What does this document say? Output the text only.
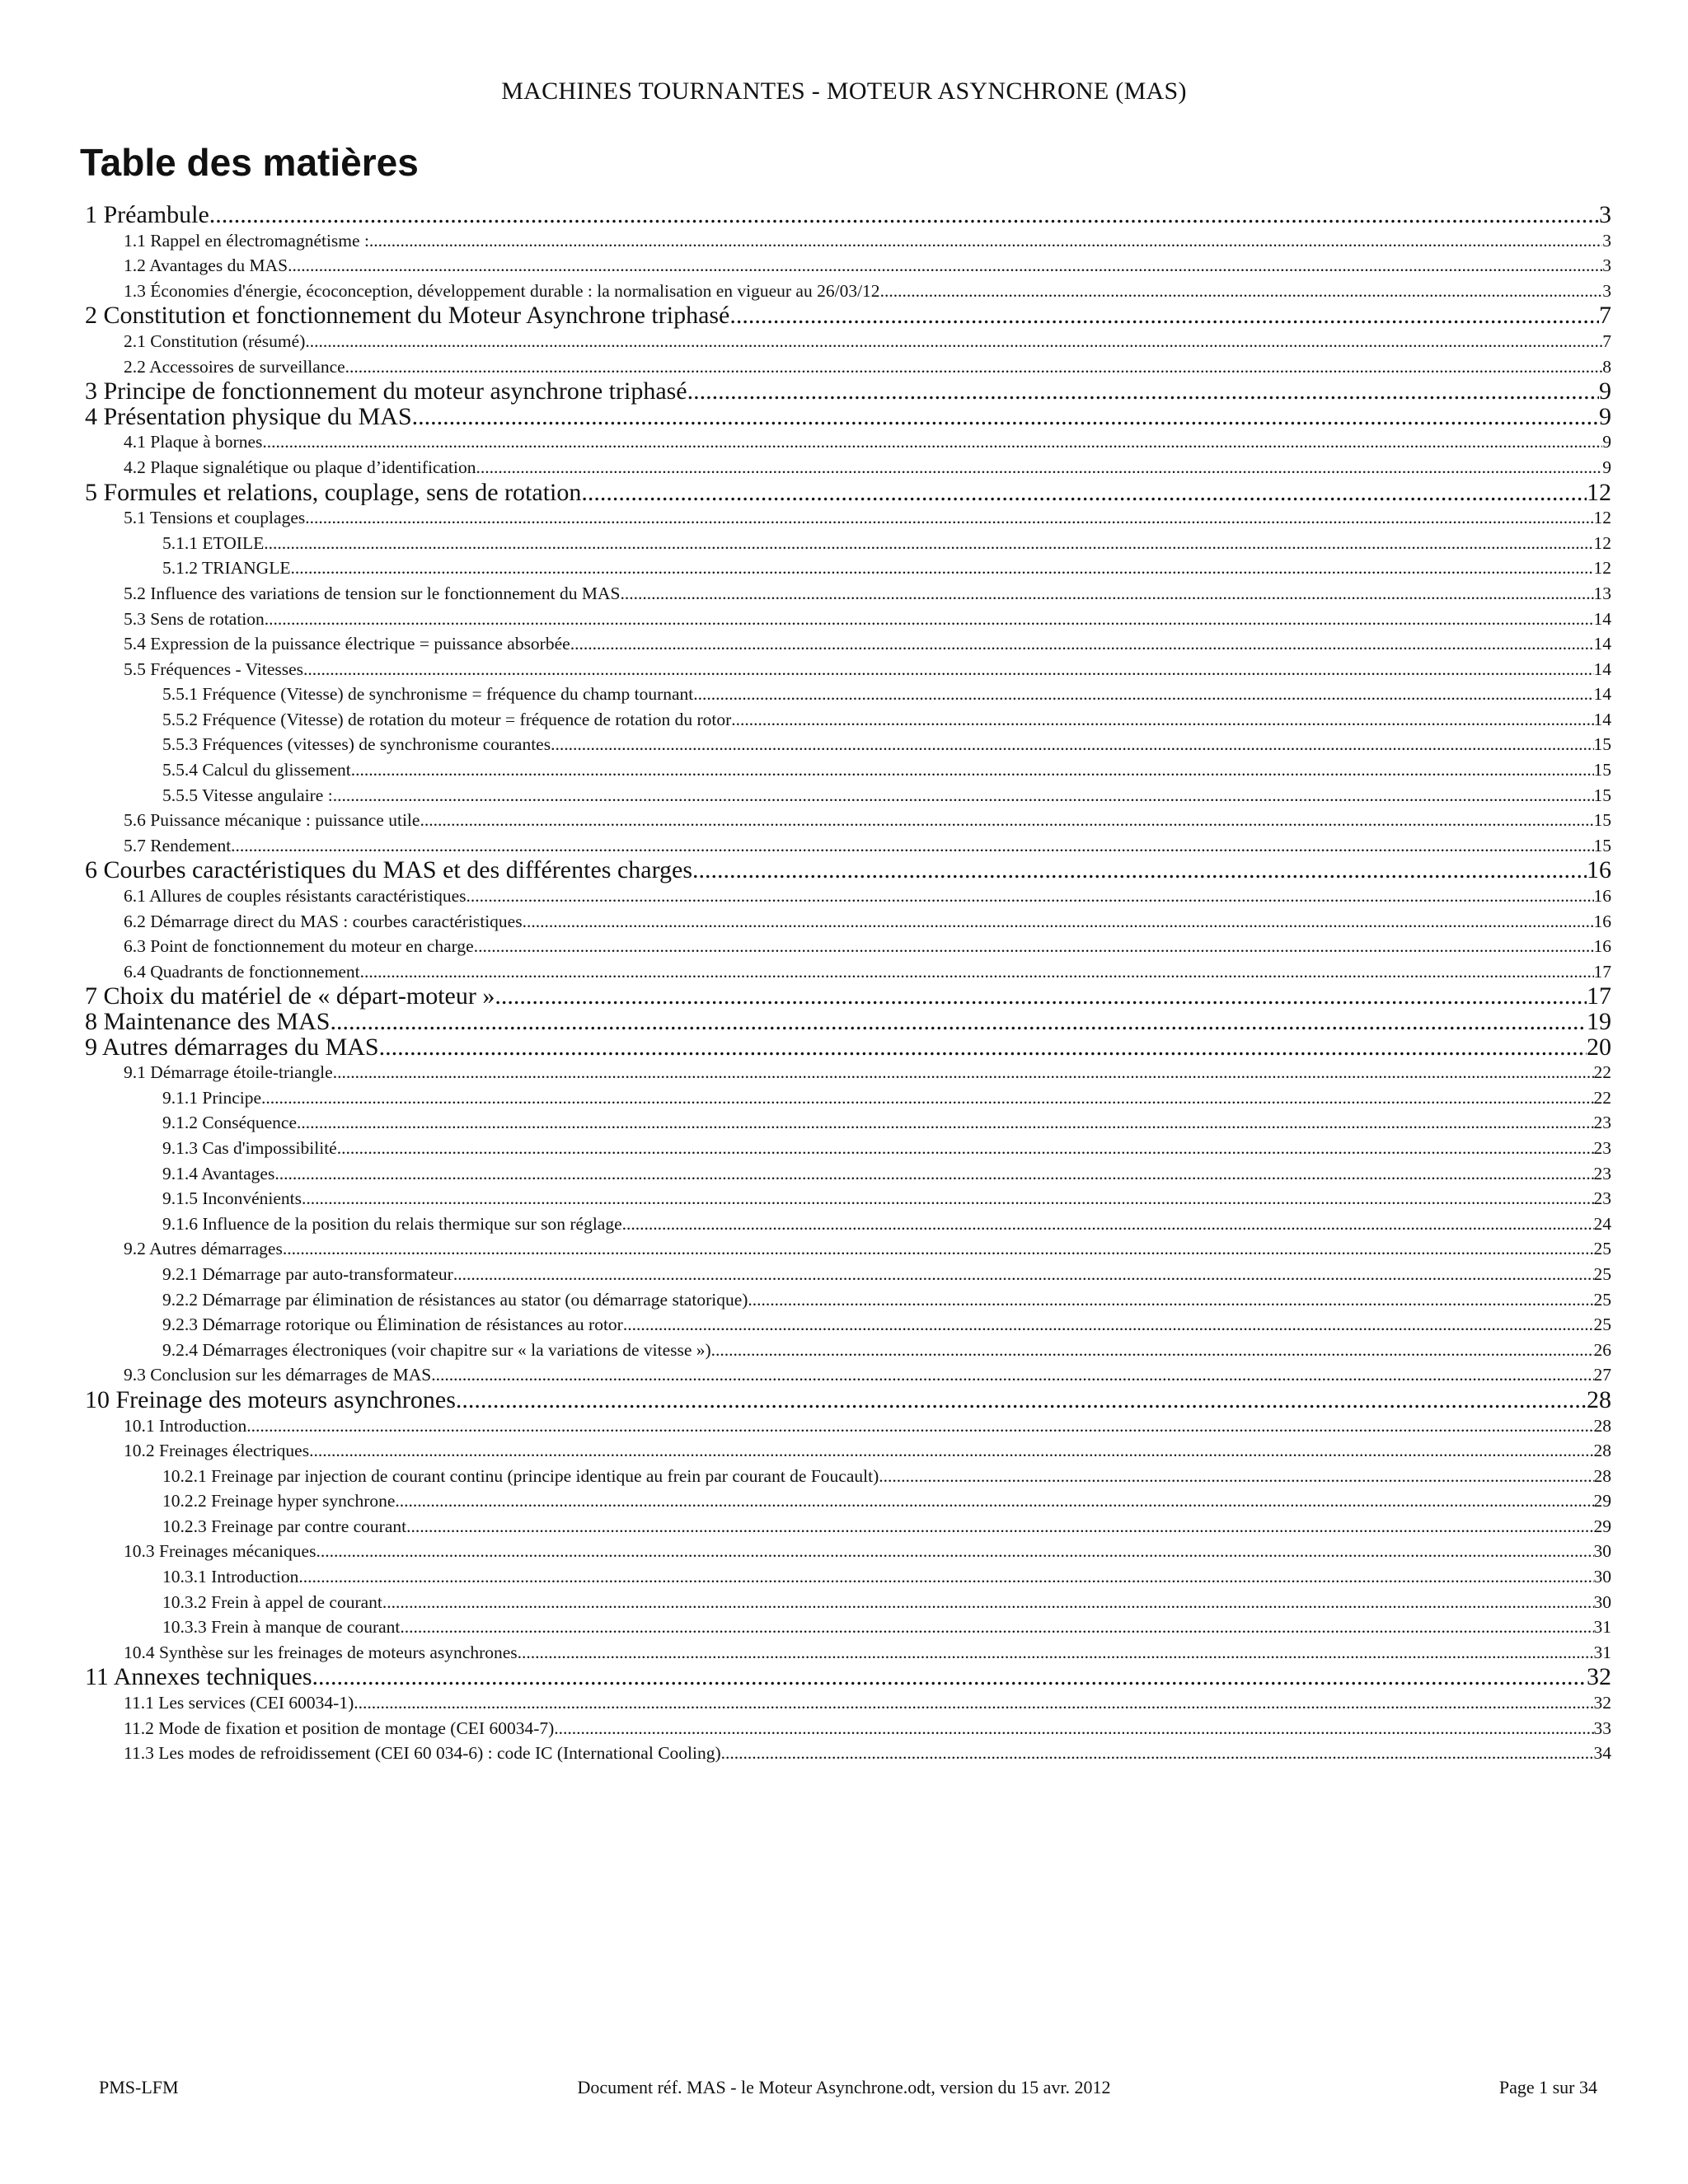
MACHINES TOURNANTES - MOTEUR ASYNCHRONE (MAS)
Table des matières
1 Préambule .....	3
1.1 Rappel en électromagnétisme : .....	3
1.2 Avantages du MAS .....	3
1.3 Économies d'énergie, écoconception, développement durable : la normalisation en vigueur au 26/03/12 .....	3
2 Constitution et fonctionnement du Moteur Asynchrone triphasé .....	7
2.1 Constitution (résumé) .....	7
2.2 Accessoires de surveillance .....	8
3 Principe de fonctionnement du moteur asynchrone triphasé .....	9
4 Présentation physique du MAS .....	9
4.1 Plaque à bornes .....	9
4.2 Plaque signalétique ou plaque d’identification .....	9
5 Formules et relations, couplage, sens de rotation .....	12
5.1 Tensions et couplages .....	12
5.1.1 ETOILE .....	12
5.1.2 TRIANGLE .....	12
5.2 Influence des variations de tension sur le fonctionnement du MAS .....	13
5.3 Sens de rotation .....	14
5.4 Expression de la puissance électrique = puissance absorbée .....	14
5.5 Fréquences - Vitesses .....	14
5.5.1 Fréquence (Vitesse) de synchronisme = fréquence du champ tournant .....	14
5.5.2 Fréquence (Vitesse) de rotation du moteur = fréquence de rotation du rotor .....	14
5.5.3 Fréquences (vitesses) de synchronisme courantes .....	15
5.5.4 Calcul du glissement .....	15
5.5.5 Vitesse angulaire : .....	15
5.6 Puissance mécanique : puissance utile .....	15
5.7 Rendement .....	15
6 Courbes caractéristiques du MAS et des différentes charges .....	16
6.1 Allures de couples résistants caractéristiques .....	16
6.2 Démarrage direct du MAS : courbes caractéristiques .....	16
6.3 Point de fonctionnement du moteur en charge .....	16
6.4 Quadrants de fonctionnement .....	17
7 Choix du matériel de « départ-moteur ». .....	17
8 Maintenance des MAS .....	19
9 Autres démarrages du MAS .....	20
9.1 Démarrage étoile-triangle .....	22
9.1.1 Principe .....	22
9.1.2 Conséquence .....	23
9.1.3 Cas d'impossibilité .....	23
9.1.4 Avantages .....	23
9.1.5 Inconvénients .....	23
9.1.6 Influence de la position du relais thermique sur son réglage .....	24
9.2 Autres démarrages .....	25
9.2.1 Démarrage par auto-transformateur .....	25
9.2.2 Démarrage par élimination de résistances au stator (ou démarrage statorique) .....	25
9.2.3 Démarrage rotorique ou Élimination de résistances au rotor .....	25
9.2.4 Démarrages électroniques (voir chapitre sur « la variations de vitesse ») .....	26
9.3 Conclusion sur les démarrages de MAS .....	27
10 Freinage des moteurs asynchrones .....	28
10.1 Introduction .....	28
10.2 Freinages électriques .....	28
10.2.1 Freinage par injection de courant continu (principe identique au frein par courant de Foucault) .....	28
10.2.2 Freinage hyper synchrone .....	29
10.2.3 Freinage par contre courant .....	29
10.3 Freinages mécaniques .....	30
10.3.1 Introduction .....	30
10.3.2 Frein à appel de courant .....	30
10.3.3 Frein à manque de courant .....	31
10.4 Synthèse sur les freinages de moteurs asynchrones .....	31
11 Annexes techniques .....	32
11.1 Les services (CEI 60034-1) .....	32
11.2 Mode de fixation et position de montage (CEI 60034-7) .....	33
11.3 Les modes de refroidissement (CEI 60 034-6) : code IC (International Cooling) .....	34
PMS-LFM	Document réf. MAS - le Moteur Asynchrone.odt, version du 15 avr. 2012	Page 1 sur 34
